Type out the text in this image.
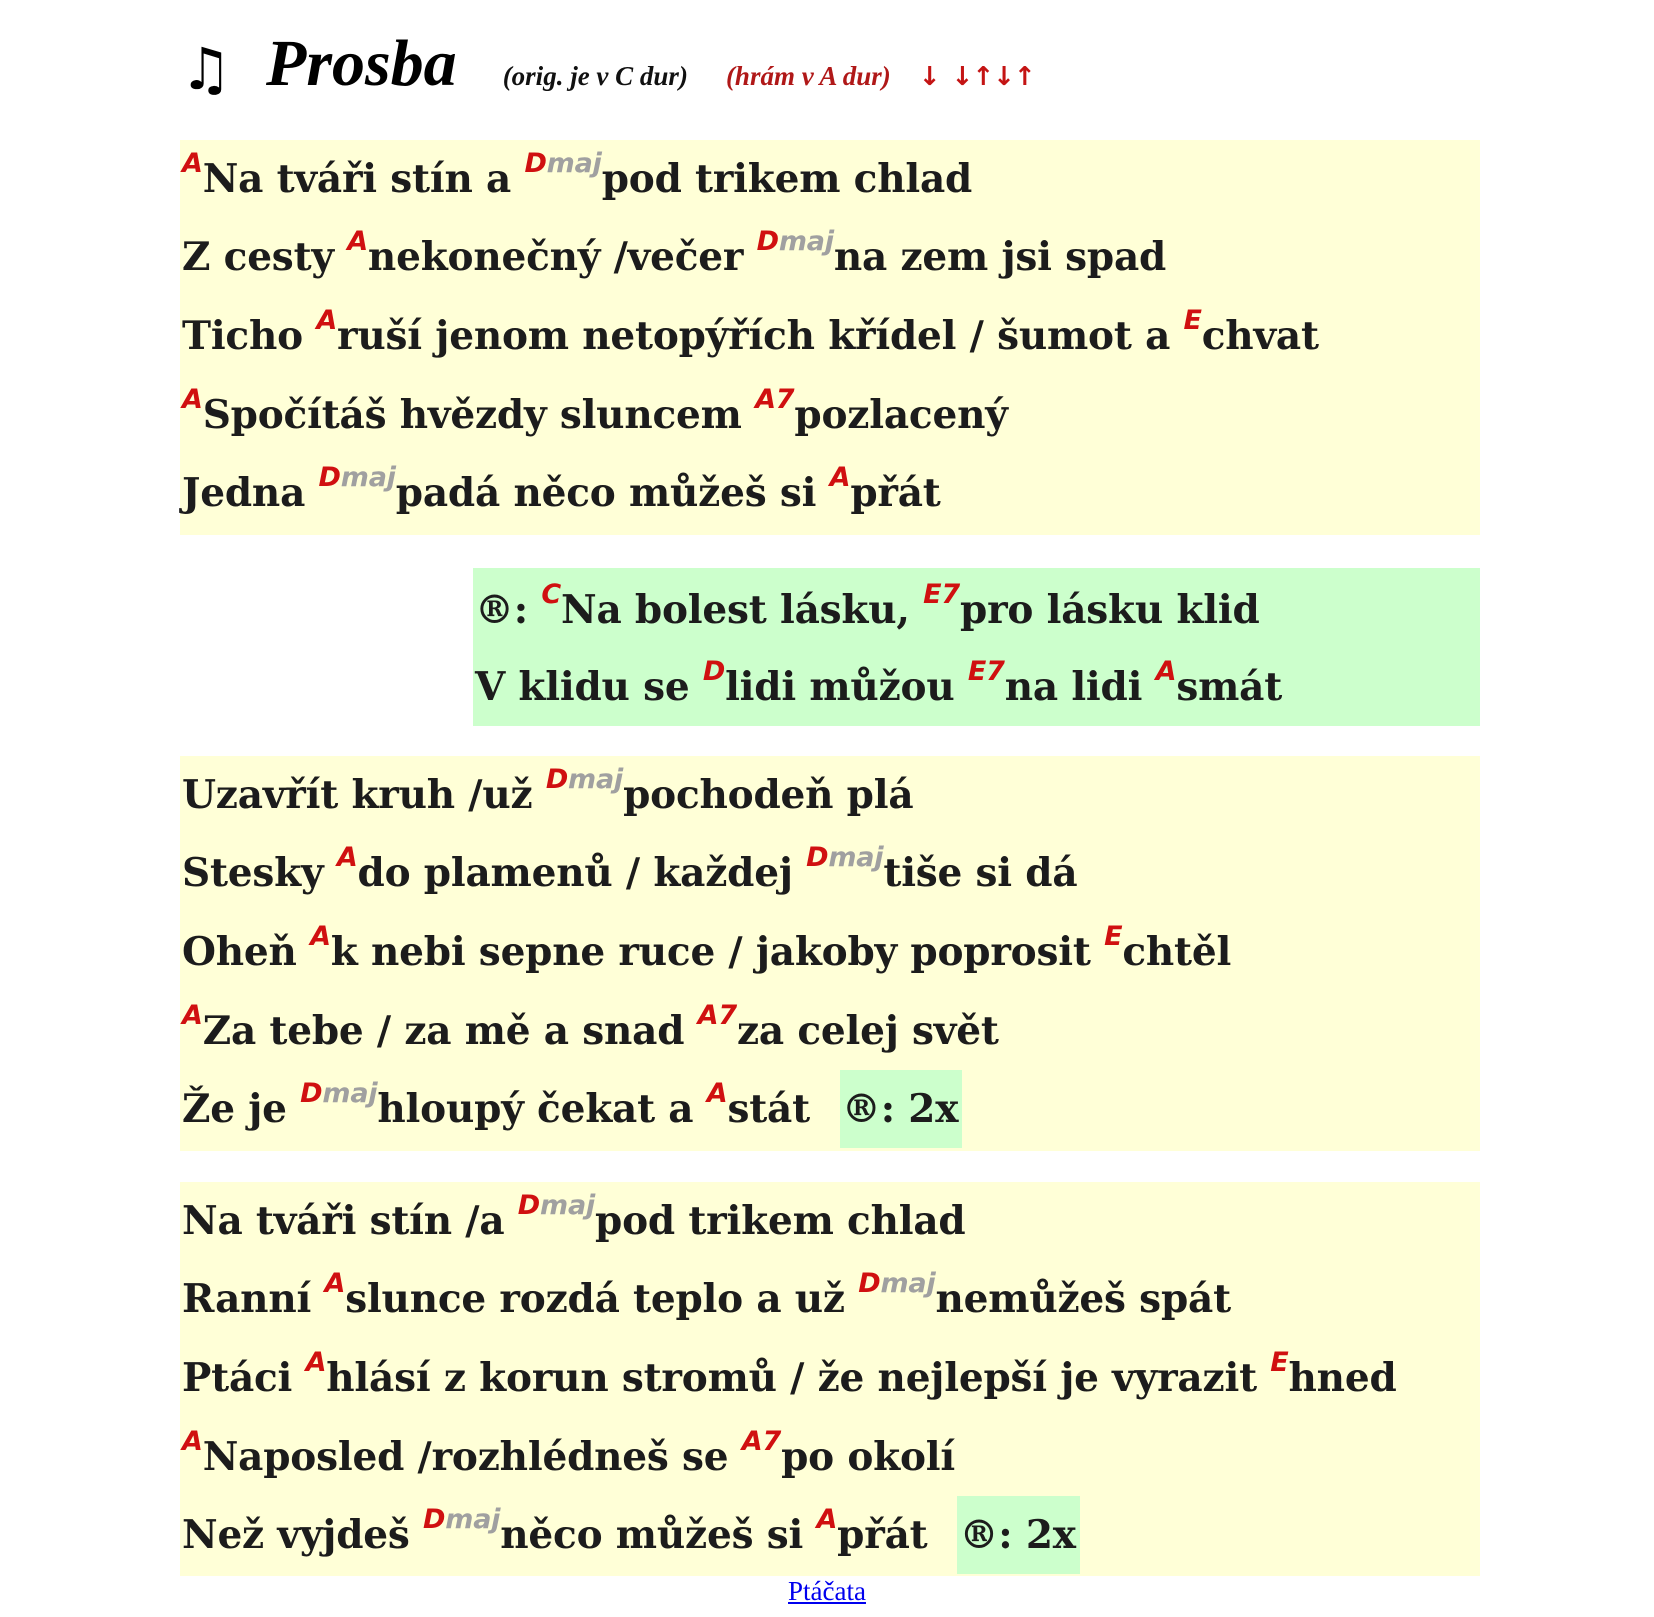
♫ Prosba (orig. je v C dur) (hrám v A dur) ↓ ↓↑↓↑
$^A$Na tváři stín a $^{Dmaj}$pod trikem chlad
Z cesty $^A$nekonečný /večer $^{Dmaj}$na zem jsi spad
Ticho $^A$ruší jenom netopýřích křídel / šumot a $^E$chvat
$^A$Spočítáš hvězdy sluncem $^{A7}$pozlacený
Jedna $^{Dmaj}$padá něco můžeš si $^A$přát
®: $^C$Na bolest lásku, $^{E7}$pro lásku klid
V klidu se $^D$lidi můžou $^{E7}$na lidi $^A$smát
Uzavřít kruh /už $^{Dmaj}$pochodeň plá
Stesky $^A$do plamenů / každej $^{Dmaj}$tiše si dá
Oheň $^A$k nebi sepne ruce / jakoby poprosit $^E$chtěl
$^A$Za tebe / za mě a snad $^{A7}$za celej svět
Že je $^{Dmaj}$hloupý čekat a $^A$stát ®: 2x
Na tváři stín /a $^{Dmaj}$pod trikem chlad
Ranní $^A$slunce rozdá teplo a už $^{Dmaj}$nemůžeš spát
Ptáci $^A$hlásí z korun stromů / že nejlepší je vyrazit $^E$hned
$^A$Naposled /rozhlédneš se $^{A7}$po okolí
Než vyjdeš $^{Dmaj}$něco můžeš si $^A$přát ®: 2x
Ptáčata
